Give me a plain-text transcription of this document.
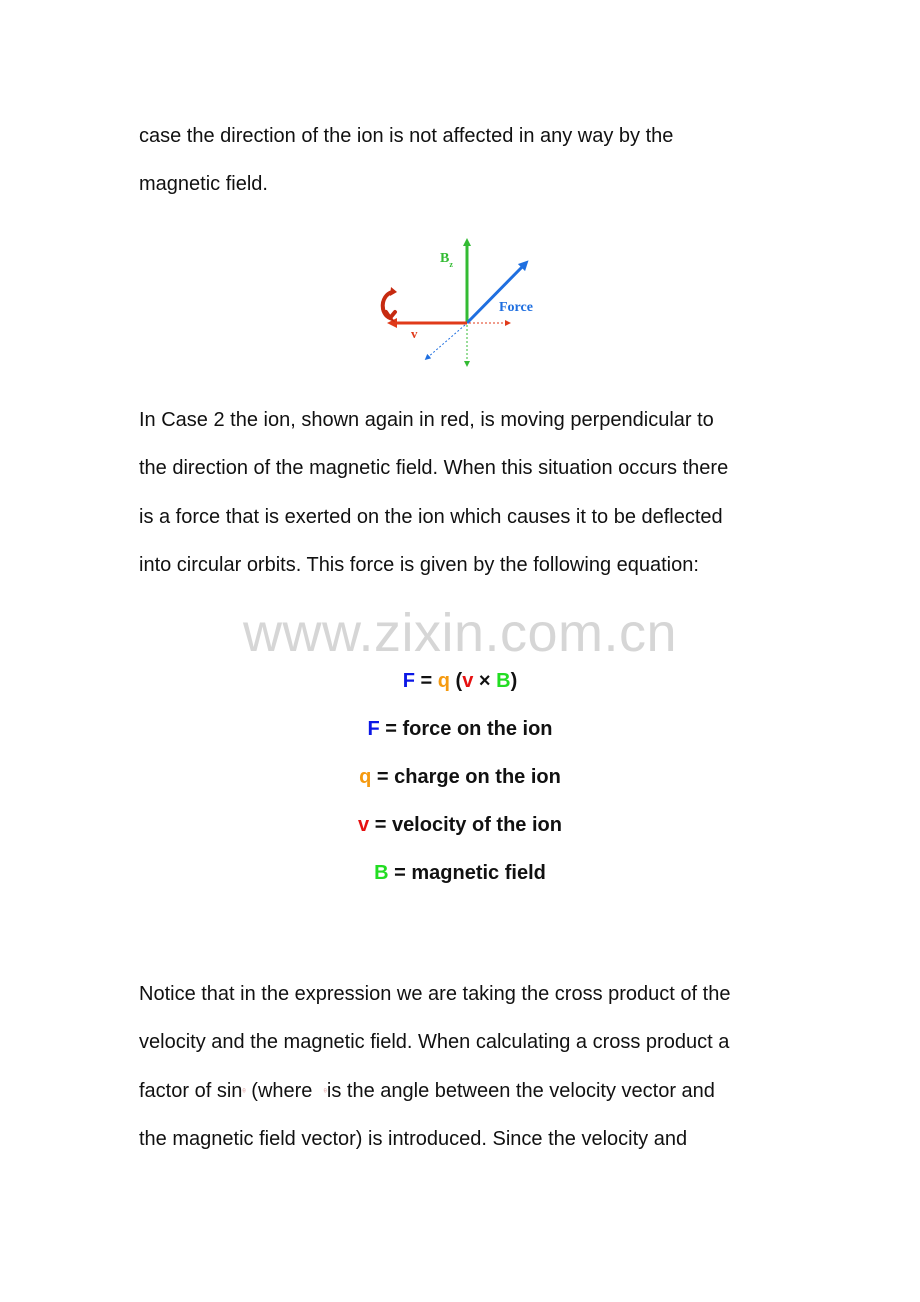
case the direction of the ion is not affected in any way by the
magnetic field.
$B_z$
Force
v
In Case 2 the ion, shown again in red, is moving perpendicular to
the direction of the magnetic field. When this situation occurs there
is a force that is exerted on the ion which causes it to be deflected
into circular orbits. This force is given by the following equation:
www.zixin.com.cn
F = q (v × B)
F = force on the ion
q = charge on the ion
v = velocity of the ion
B = magnetic field
Notice that in the expression we are taking the cross product of the
velocity and the magnetic field. When calculating a cross product a
factor of sinθ (where  θis the angle between the velocity vector and
the magnetic field vector) is introduced. Since the velocity and
